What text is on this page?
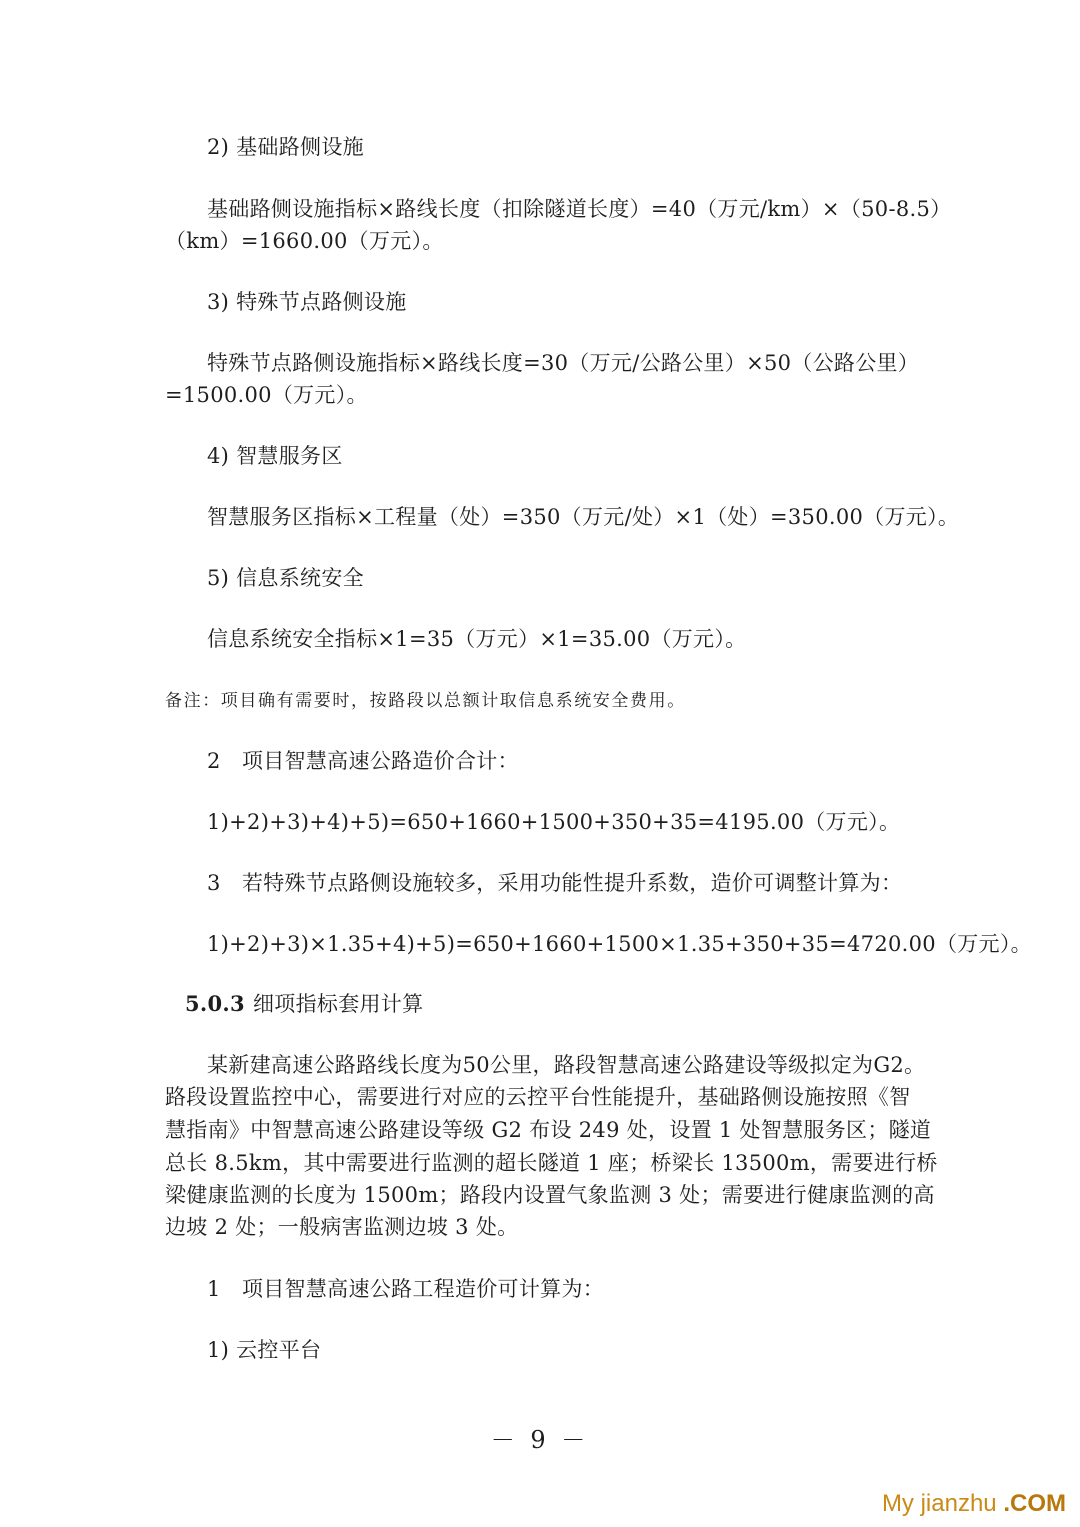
2) 基础路侧设施
基础路侧设施指标×路线长度（扣除隧道长度）=40（万元/km）×（50-8.5）
（km）=1660.00（万元）。
3) 特殊节点路侧设施
特殊节点路侧设施指标×路线长度=30（万元/公路公里）×50（公路公里）
=1500.00（万元）。
4) 智慧服务区
智慧服务区指标×工程量（处）=350（万元/处）×1（处）=350.00（万元）。
5) 信息系统安全
信息系统安全指标×1=35（万元）×1=35.00（万元）。
备注：项目确有需要时，按路段以总额计取信息系统安全费用。
2　项目智慧高速公路造价合计：
1)+2)+3)+4)+5)=650+1660+1500+350+35=4195.00（万元）。
3　若特殊节点路侧设施较多，采用功能性提升系数，造价可调整计算为：
1)+2)+3)×1.35+4)+5)=650+1660+1500×1.35+350+35=4720.00（万元）。
5.0.3 细项指标套用计算
某新建高速公路路线长度为50公里，路段智慧高速公路建设等级拟定为G2。
路段设置监控中心，需要进行对应的云控平台性能提升，基础路侧设施按照《智
慧指南》中智慧高速公路建设等级 G2 布设 249 处，设置 1 处智慧服务区；隧道
总长 8.5km，其中需要进行监测的超长隧道 1 座；桥梁长 13500m，需要进行桥
梁健康监测的长度为 1500m；路段内设置气象监测 3 处；需要进行健康监测的高
边坡 2 处；一般病害监测边坡 3 处。
1　项目智慧高速公路工程造价可计算为：
1) 云控平台
－ 9 －
My jianzhu .COM
